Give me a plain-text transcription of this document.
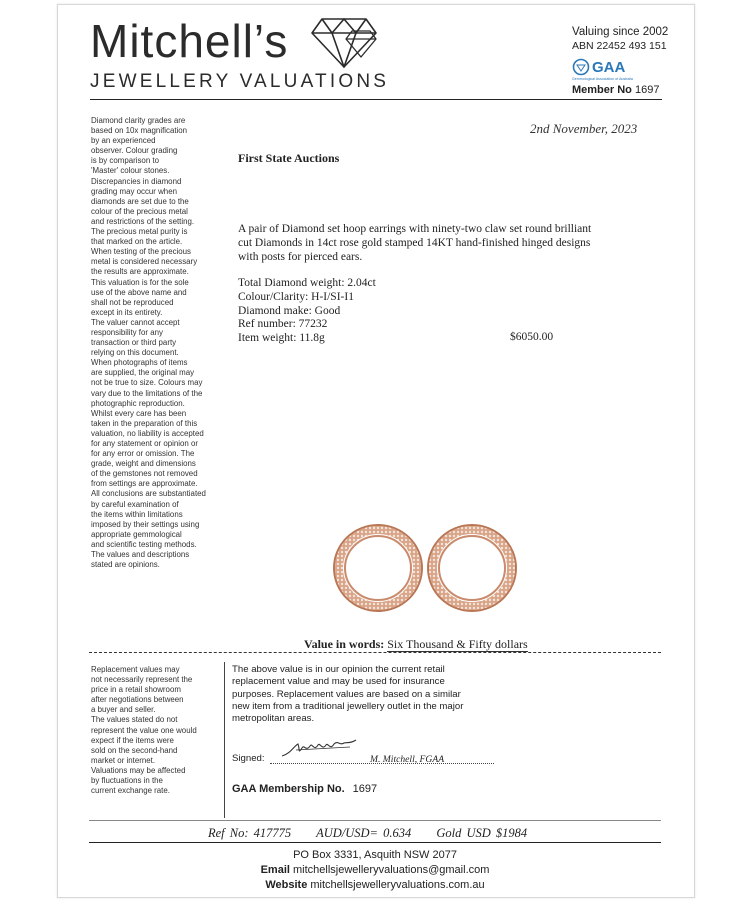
Mitchell’s
JEWELLERY VALUATIONS
Valuing since 2002
ABN 22452 493 151
GAA
Gemmological Association of Australia
Member No 1697

Diamond clarity grades are

based on 10x magnification

by an experienced

observer. Colour grading

is by comparison to

'Master' colour stones.

Discrepancies in diamond

grading may occur when

diamonds are set due to the

colour of the precious metal

and restrictions of the setting.

The precious metal purity is

that marked on the article.

When testing of the precious

metal is considered necessary

the results are approximate.

This valuation is for the sole

use of the above name and

shall not be reproduced

except in its entirety.

The valuer cannot accept

responsibility for any

transaction or third party

relying on this document.

When photographs of items

are supplied, the original may

not be true to size. Colours may

vary due to the limitations of the

photographic reproduction.

Whilst every care has been

taken in the preparation of this

valuation, no liability is accepted

for any statement or opinion or

for any error or omission. The

grade, weight and dimensions

of the gemstones not removed

from settings are approximate.

All conclusions are substantiated

by careful examination of

the items within limitations

imposed by their settings using

appropriate gemmological

and scientific testing methods.

The values and descriptions

stated are opinions.

2nd November, 2023
First State Auctions
A pair of Diamond set hoop earrings with ninety-two claw set round brilliant cut Diamonds in 14ct rose gold stamped 14KT hand-finished hinged designs with posts for pierced ears.
Total Diamond weight: 2.04ct
Colour/Clarity: H-I/SI-I1
Diamond make: Good
Ref number: 77232
Item weight: 11.8g	$6050.00
Value in words: Six Thousand & Fifty dollars

Replacement values may

not necessarily represent the

price in a retail showroom

after negotiations between

a buyer and seller.

The values stated do not

represent the value one would

expect if the items were

sold on the second-hand

market or internet.

Valuations may be affected

by fluctuations in the

current exchange rate.

The above value is in our opinion the current retail replacement value and may be used for insurance purposes. Replacement values are based on a similar new item from a traditional jewellery outlet in the major metropolitan areas.
Signed:	M. Mitchell, FGAA
GAA Membership No. 1697
Ref No: 417775 AUD/USD= 0.634 Gold USD $1984
PO Box 3331, Asquith NSW 2077
Email mitchellsjewelleryvaluations@gmail.com
Website mitchellsjewelleryvaluations.com.au
